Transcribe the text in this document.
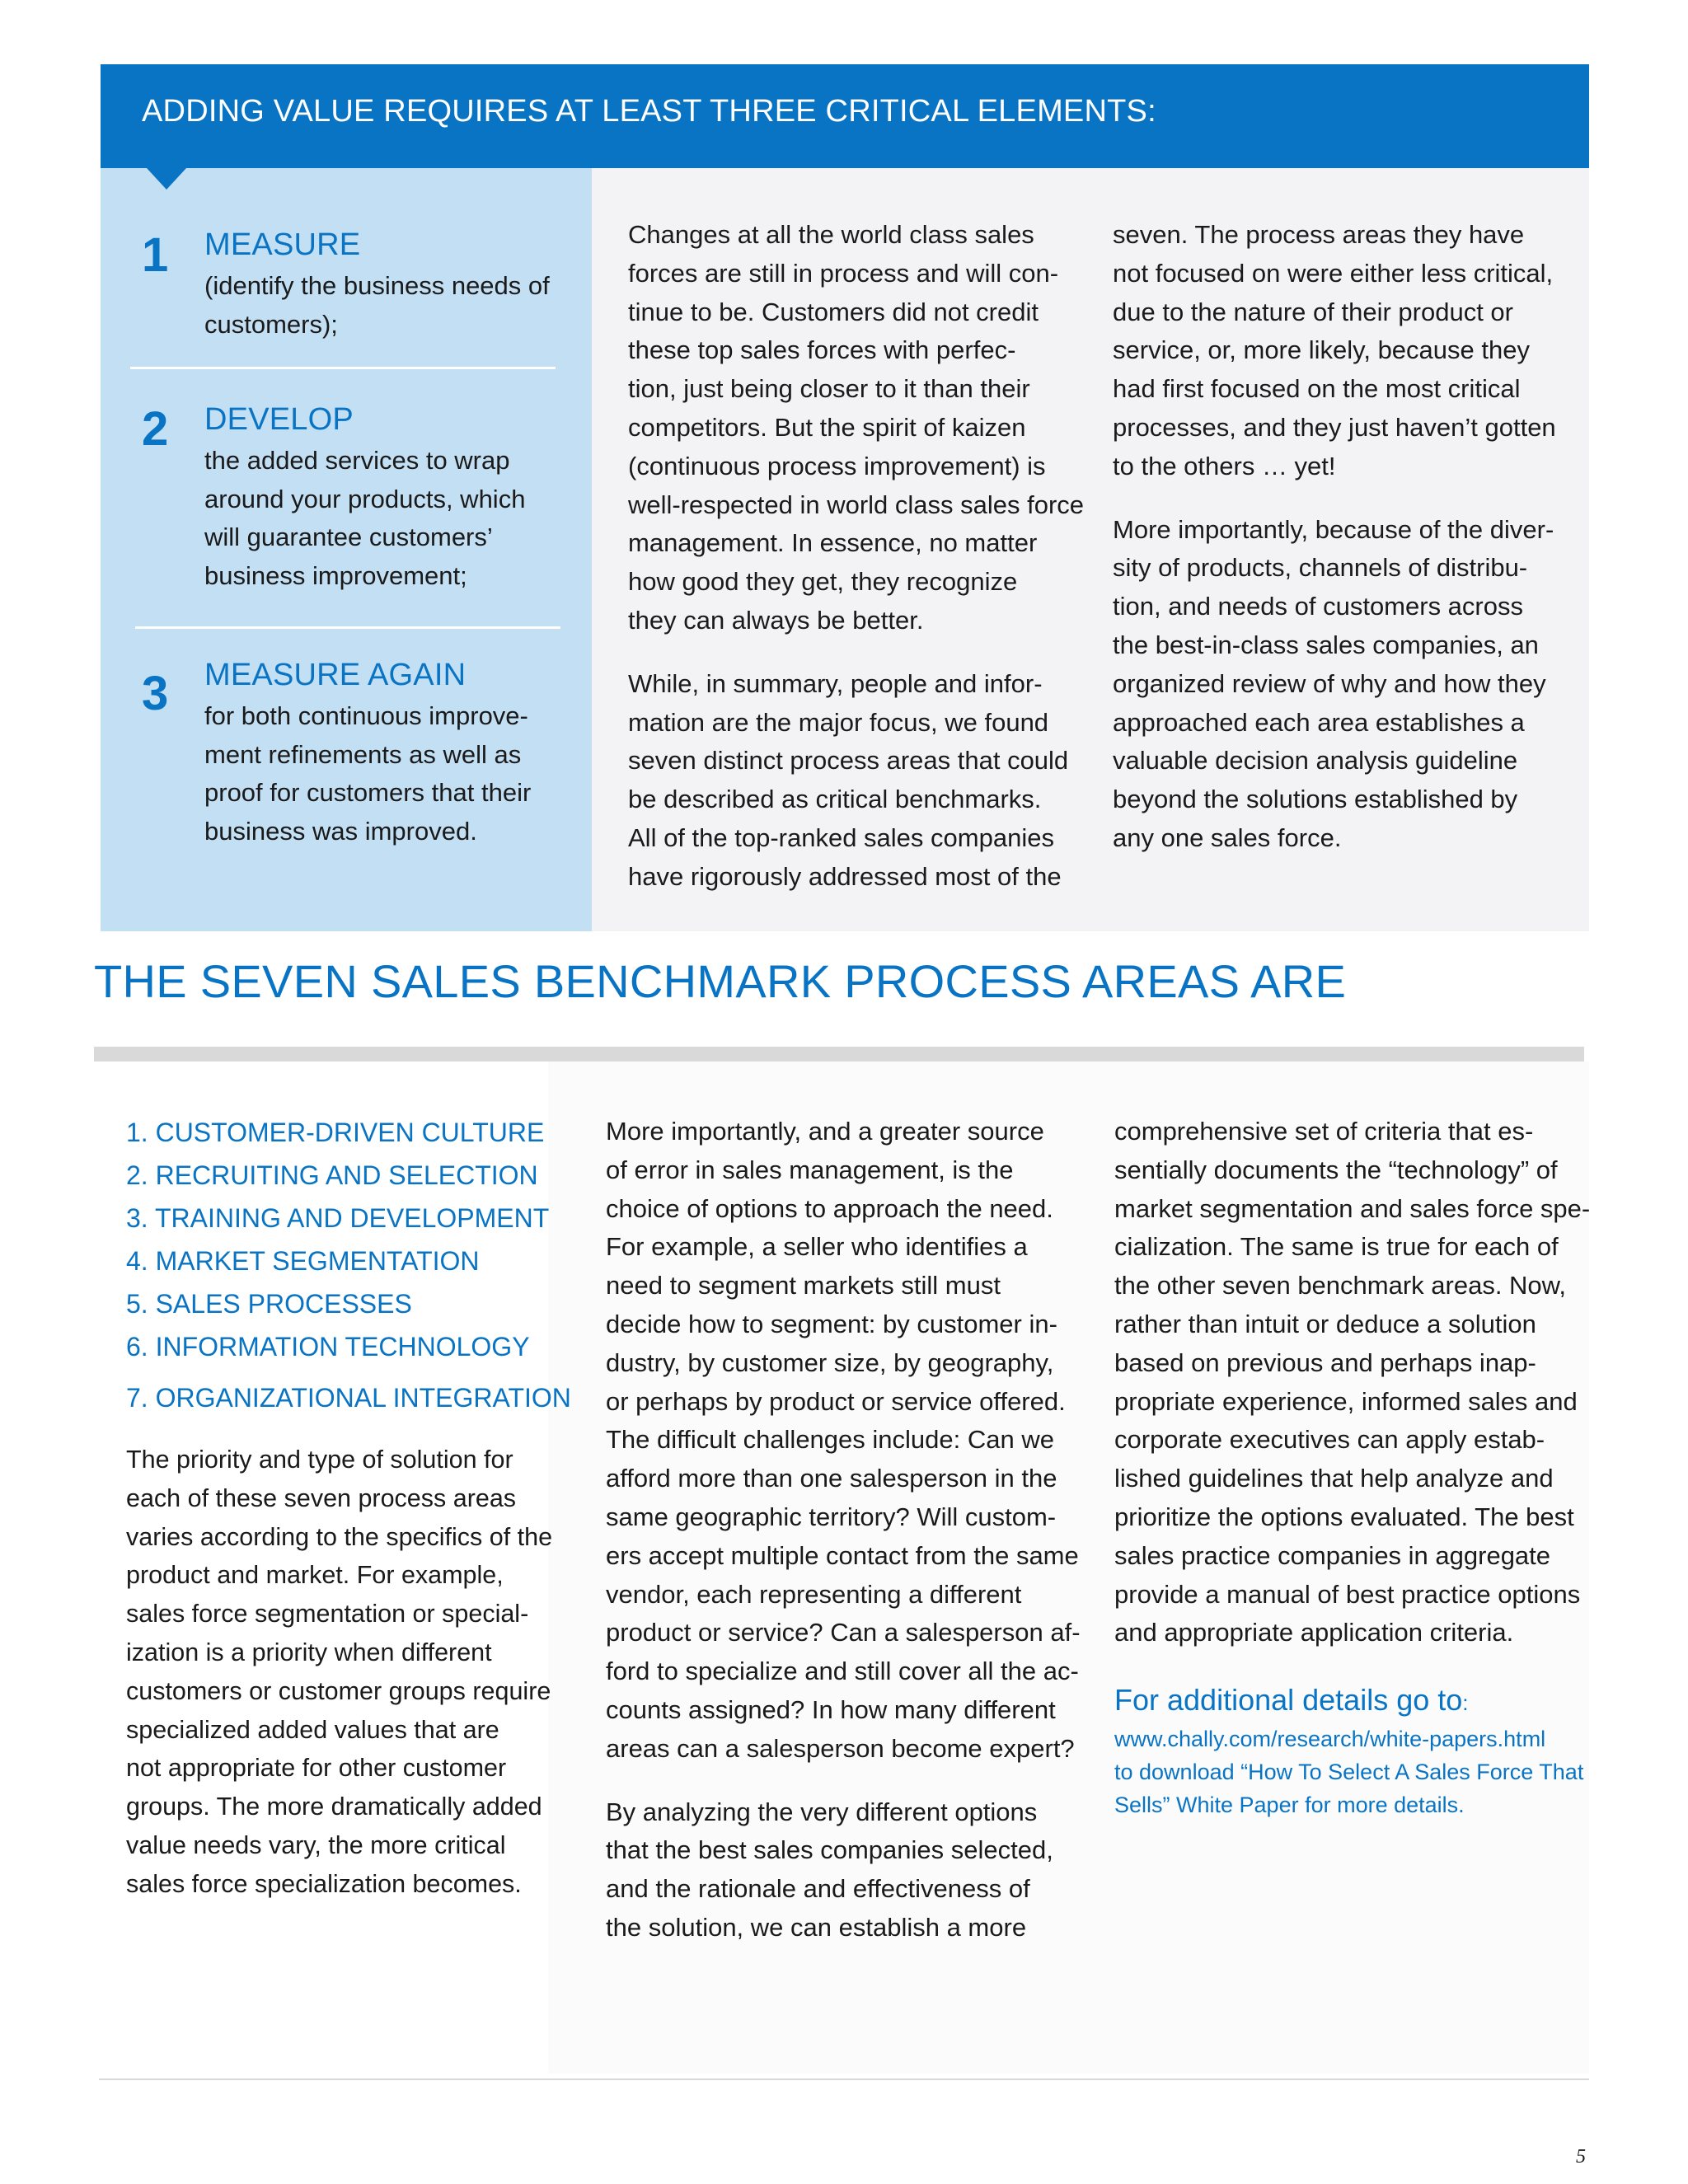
ADDING VALUE REQUIRES AT LEAST THREE CRITICAL ELEMENTS:
1 MEASURE
(identify the business needs of
customers);
2 DEVELOP
the added services to wrap
around your products, which
will guarantee customers’
business improvement;
3 MEASURE AGAIN
for both continuous improve-
ment refinements as well as
proof for customers that their
business was improved.

Changes at all the world class sales
forces are still in process and will con-
tinue to be. Customers did not credit
these top sales forces with perfec-
tion, just being closer to it than their
competitors. But the spirit of kaizen
(continuous process improvement) is
well-respected in world class sales force
management. In essence, no matter
how good they get, they recognize
they can always be better.

While, in summary, people and infor-
mation are the major focus, we found
seven distinct process areas that could
be described as critical benchmarks.
All of the top-ranked sales companies
have rigorously addressed most of the

seven. The process areas they have
not focused on were either less critical,
due to the nature of their product or
service, or, more likely, because they
had first focused on the most critical
processes, and they just haven’t gotten
to the others … yet!

More importantly, because of the diver-
sity of products, channels of distribu-
tion, and needs of customers across
the best-in-class sales companies, an
organized review of why and how they
approached each area establishes a
valuable decision analysis guideline
beyond the solutions established by
any one sales force.

THE SEVEN SALES BENCHMARK PROCESS AREAS ARE
1. CUSTOMER-DRIVEN CULTURE
2. RECRUITING AND SELECTION
3. TRAINING AND DEVELOPMENT
4. MARKET SEGMENTATION
5. SALES PROCESSES
6. INFORMATION TECHNOLOGY
7. ORGANIZATIONAL INTEGRATION

The priority and type of solution for
each of these seven process areas
varies according to the specifics of the
product and market. For example,
sales force segmentation or special-
ization is a priority when different
customers or customer groups require
specialized added values that are
not appropriate for other customer
groups. The more dramatically added
value needs vary, the more critical
sales force specialization becomes.

More importantly, and a greater source
of error in sales management, is the
choice of options to approach the need.
For example, a seller who identifies a
need to segment markets still must
decide how to segment: by customer in-
dustry, by customer size, by geography,
or perhaps by product or service offered.
The difficult challenges include: Can we
afford more than one salesperson in the
same geographic territory? Will custom-
ers accept multiple contact from the same
vendor, each representing a different
product or service? Can a salesperson af-
ford to specialize and still cover all the ac-
counts assigned? In how many different
areas can a salesperson become expert?

By analyzing the very different options
that the best sales companies selected,
and the rationale and effectiveness of
the solution, we can establish a more

comprehensive set of criteria that es-
sentially documents the “technology” of
market segmentation and sales force spe-
cialization. The same is true for each of
the other seven benchmark areas. Now,
rather than intuit or deduce a solution
based on previous and perhaps inap-
propriate experience, informed sales and
corporate executives can apply estab-
lished guidelines that help analyze and
prioritize the options evaluated. The best
sales practice companies in aggregate
provide a manual of best practice options
and appropriate application criteria.

For additional details go to:
www.chally.com/research/white-papers.html
to download “How To Select A Sales Force That
Sells” White Paper for more details.
5
